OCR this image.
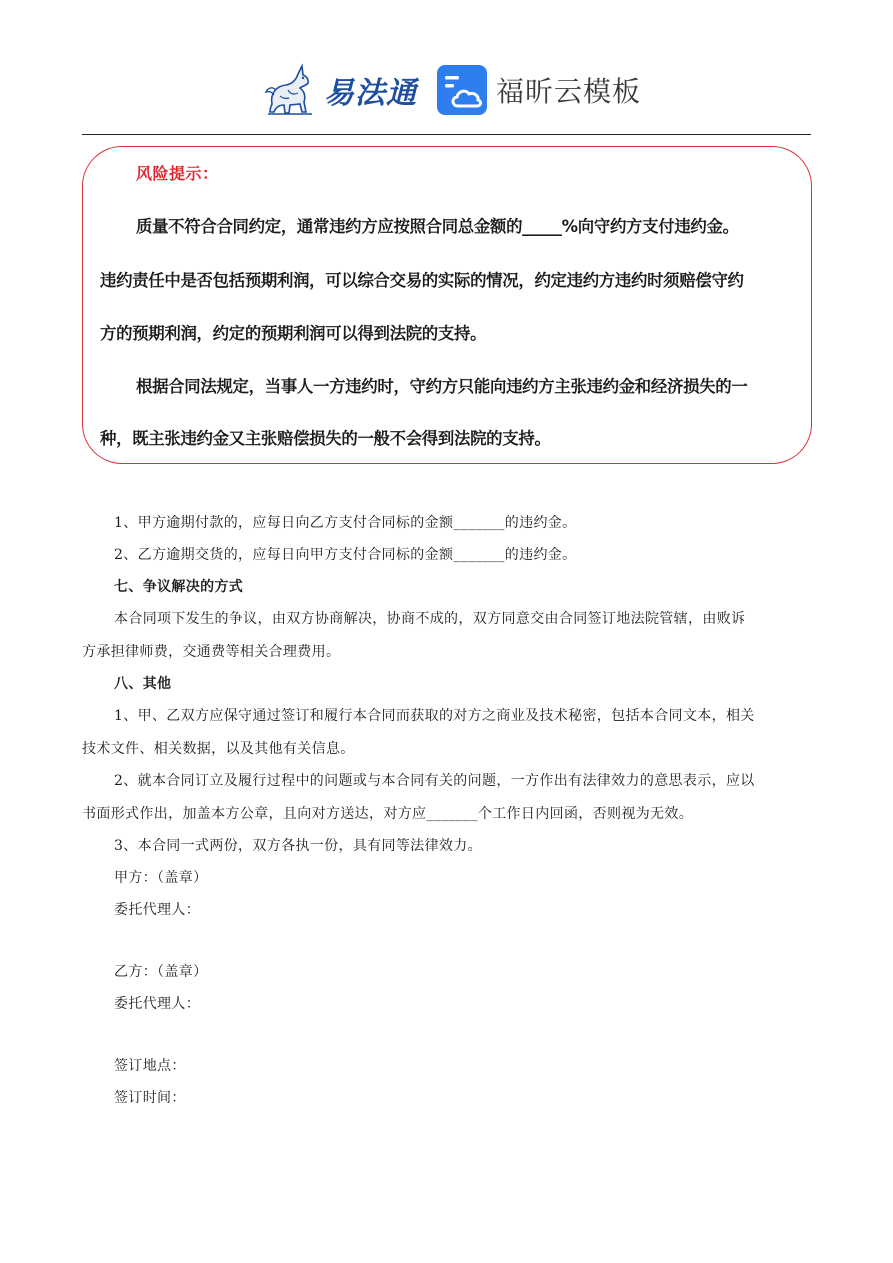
易法通	福昕云模板
风险提示：
质量不符合合同约定，通常违约方应按照合同总金额的_____%向守约方支付违约金。
违约责任中是否包括预期利润，可以综合交易的实际的情况，约定违约方违约时须赔偿守约
方的预期利润，约定的预期利润可以得到法院的支持。
根据合同法规定，当事人一方违约时，守约方只能向违约方主张违约金和经济损失的一
种，既主张违约金又主张赔偿损失的一般不会得到法院的支持。
1、甲方逾期付款的，应每日向乙方支付合同标的金额_______的违约金。
2、乙方逾期交货的，应每日向甲方支付合同标的金额_______的违约金。
七、争议解决的方式
本合同项下发生的争议，由双方协商解决，协商不成的，双方同意交由合同签订地法院管辖，由败诉
方承担律师费，交通费等相关合理费用。
八、其他
1、甲、乙双方应保守通过签订和履行本合同而获取的对方之商业及技术秘密，包括本合同文本，相关
技术文件、相关数据，以及其他有关信息。
2、就本合同订立及履行过程中的问题或与本合同有关的问题，一方作出有法律效力的意思表示，应以
书面形式作出，加盖本方公章，且向对方送达，对方应_______个工作日内回函，否则视为无效。
3、本合同一式两份，双方各执一份，具有同等法律效力。
甲方：（盖章）
委托代理人：
乙方：（盖章）
委托代理人：
签订地点：
签订时间：
